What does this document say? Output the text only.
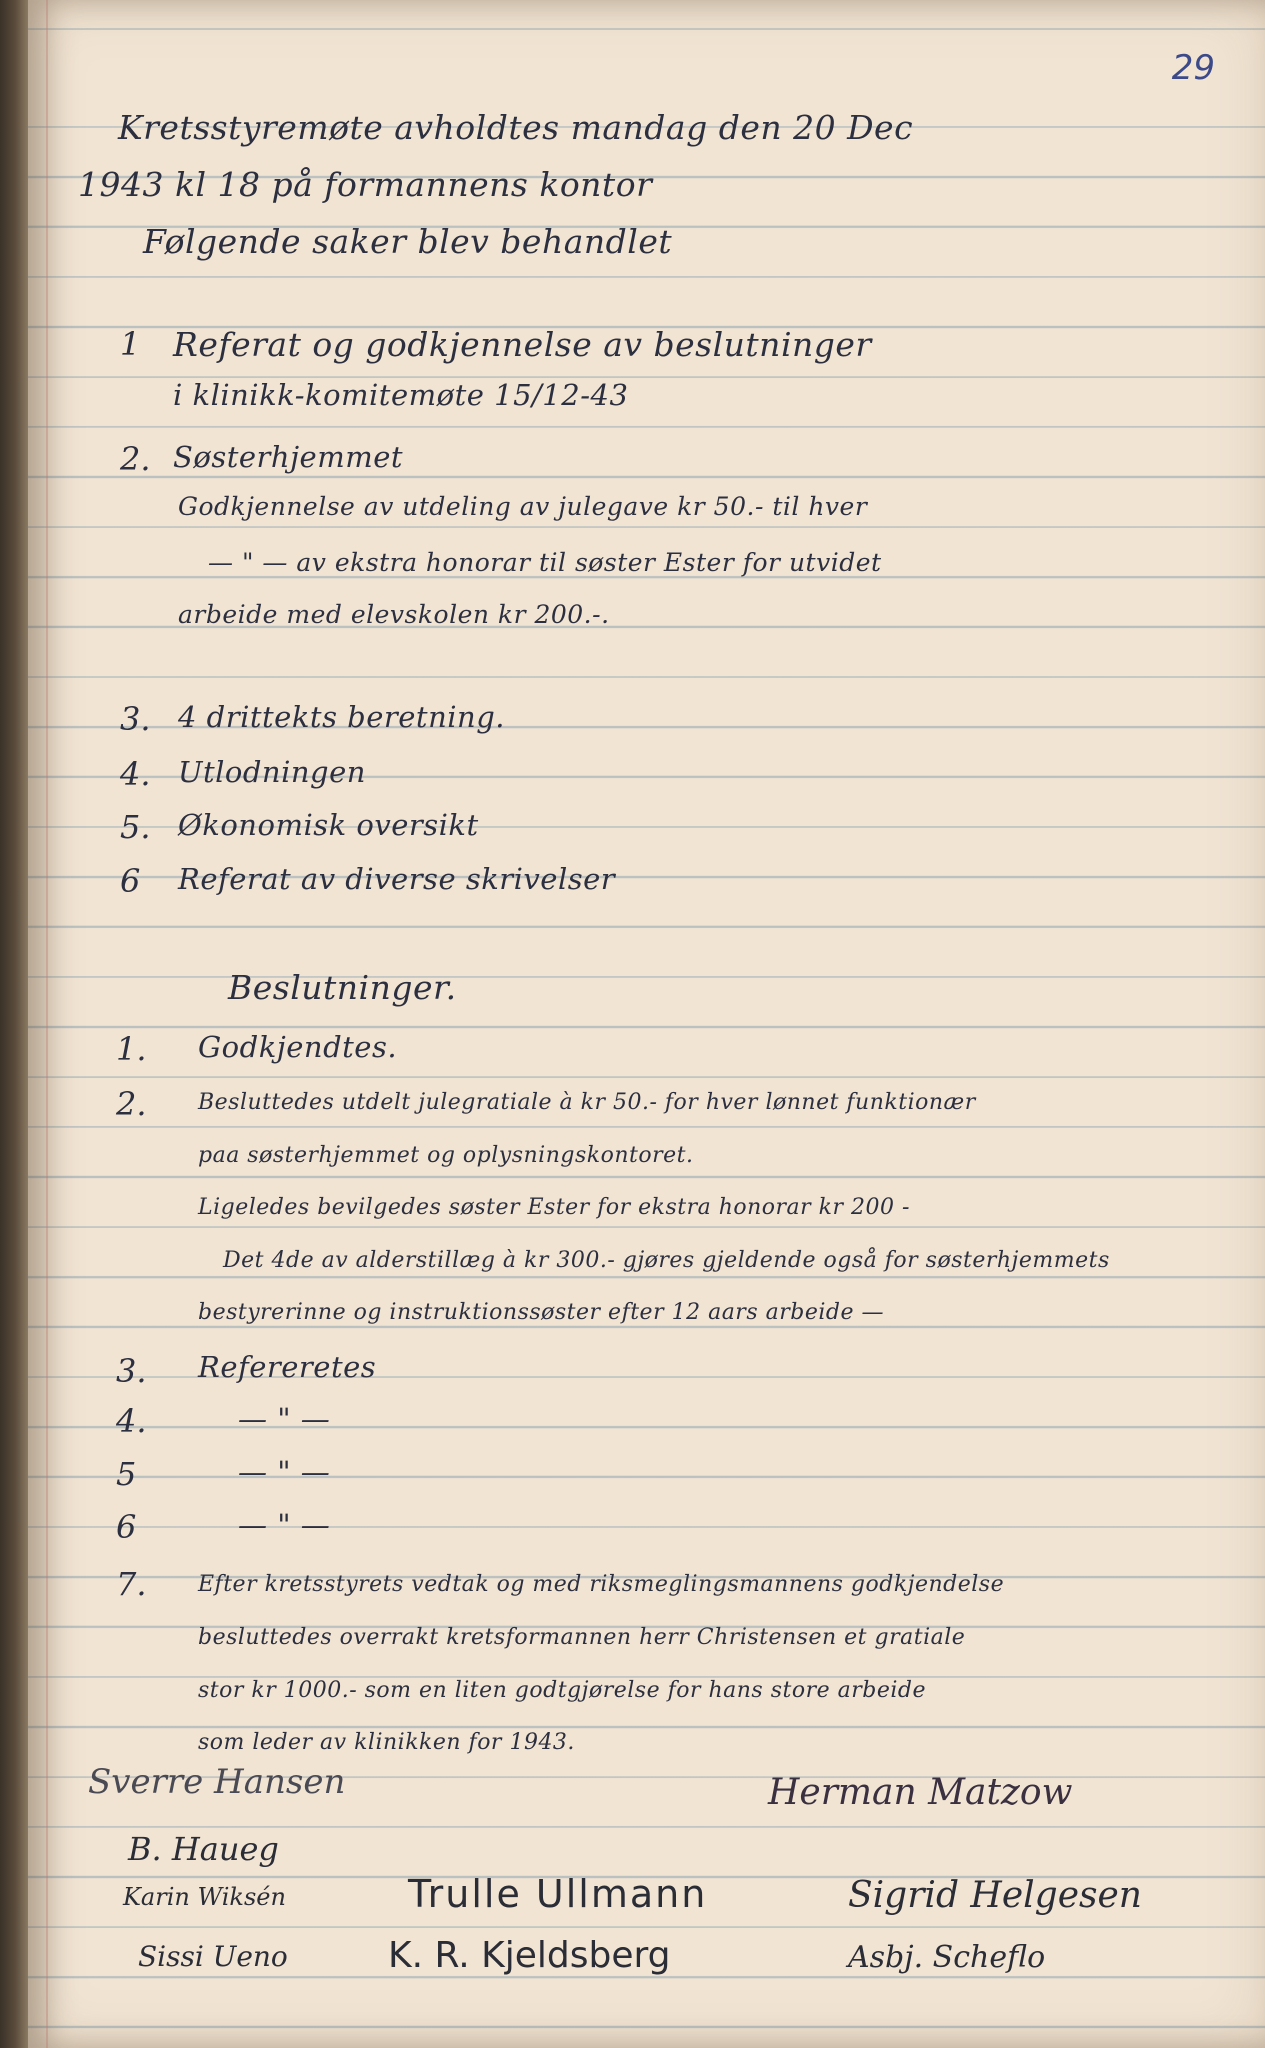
29
Kretsstyremøte avholdtes mandag den 20 Dec
1943 kl 18 på formannens kontor
Følgende saker blev behandlet
1 Referat og godkjennelse av beslutninger
i klinikk-komitemøte 15/12-43
2. Søsterhjemmet
Godkjennelse av utdeling av julegave kr 50.- til hver
— " — av ekstra honorar til søster Ester for utvidet
arbeide med elevskolen kr 200.-.
3. 4 drittekts beretning.
4. Utlodningen
5. Økonomisk oversikt
6 Referat av diverse skrivelser
Beslutninger.
1. Godkjendtes.
2. Besluttedes utdelt julegratiale à kr 50.- for hver lønnet funktionær
paa søsterhjemmet og oplysningskontoret.
Ligeledes bevilgedes søster Ester for ekstra honorar kr 200 -
Det 4de av alderstillæg à kr 300.- gjøres gjeldende også for søsterhjemmets
bestyrerinne og instruktionssøster efter 12 aars arbeide —
3. Refereretes
4.	— " —
5	— " —
6	— " —
7. Efter kretsstyrets vedtak og med riksmeglingsmannens godkjendelse
besluttedes overrakt kretsformannen herr Christensen et gratiale
stor kr 1000.- som en liten godtgjørelse for hans store arbeide
som leder av klinikken for 1943.
Sverre Hansen	Herman Matzow
B. Haueg
Karin Wiksén	Trulle Ullmann	Sigrid Helgesen
Sissi Ueno	K. R. Kjeldsberg	Asbj. Scheflo
